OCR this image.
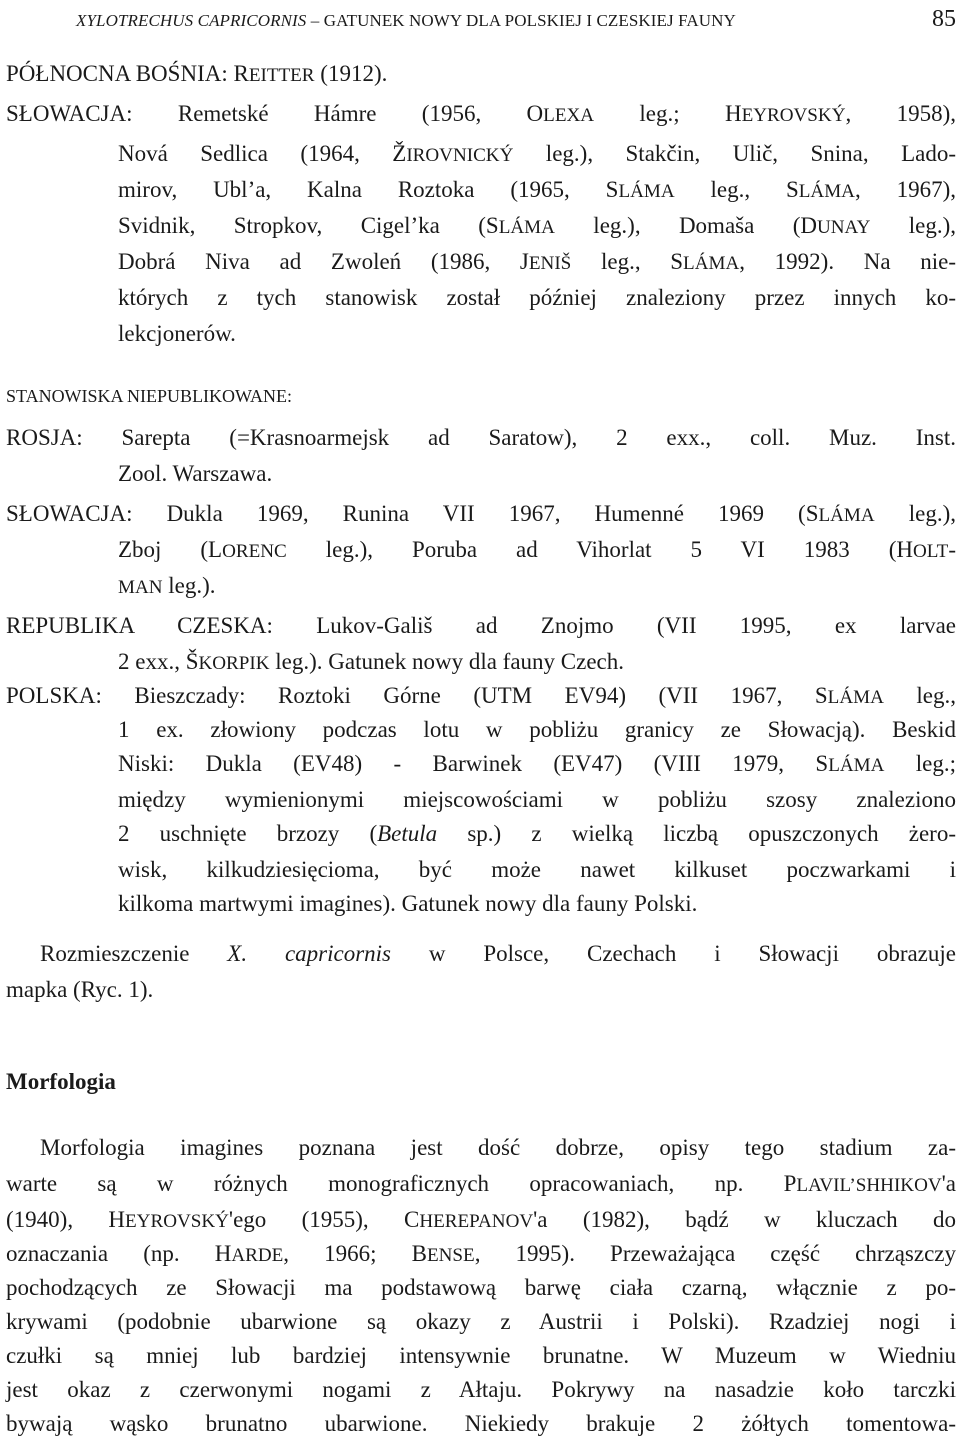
XYLOTRECHUS CAPRICORNIS – GATUNEK NOWY DLA POLSKIEJ I CZESKIEJ FAUNY	85
PÓŁNOCNA BOŚNIA: REITTER (1912).
SŁOWACJA: Remetské Hámre (1956, OLEXA leg.; HEYROVSKÝ, 1958),
Nová Sedlica (1964, ŽIROVNICKÝ leg.), Stakčin, Ulič, Snina, Lado-
mirov, Ubl’a, Kalna Roztoka (1965, SLÁMA leg., SLÁMA, 1967),
Svidnik, Stropkov, Cigel’ka (SLÁMA leg.), Domaša (DUNAY leg.),
Dobrá Niva ad Zwoleń (1986, JENIŠ leg., SLÁMA, 1992). Na nie-
których z tych stanowisk został później znaleziony przez innych ko-
lekcjonerów.
STANOWISKA NIEPUBLIKOWANE:
ROSJA: Sarepta (=Krasnoarmejsk ad Saratow), 2 exx., coll. Muz. Inst.
Zool. Warszawa.
SŁOWACJA: Dukla 1969, Runina VII 1967, Humenné 1969 (SLÁMA leg.),
Zboj (LORENC leg.), Poruba ad Vihorlat 5 VI 1983 (HOLT-
MAN leg.).
REPUBLIKA CZESKA: Lukov-Gališ ad Znojmo (VII 1995, ex larvae
2 exx., ŠKORPIK leg.). Gatunek nowy dla fauny Czech.
POLSKA: Bieszczady: Roztoki Górne (UTM EV94) (VII 1967, SLÁMA leg.,
1 ex. złowiony podczas lotu w pobliżu granicy ze Słowacją). Beskid
Niski: Dukla (EV48) - Barwinek (EV47) (VIII 1979, SLÁMA leg.;
między wymienionymi miejscowościami w pobliżu szosy znaleziono
2 uschnięte brzozy (Betula sp.) z wielką liczbą opuszczonych żero-
wisk, kilkudziesięcioma, być może nawet kilkuset poczwarkami i
kilkoma martwymi imagines). Gatunek nowy dla fauny Polski.
Rozmieszczenie X. capricornis w Polsce, Czechach i Słowacji obrazuje
mapka (Ryc. 1).
Morfologia
Morfologia imagines poznana jest dość dobrze, opisy tego stadium za-
warte są w różnych monograficznych opracowaniach, np. PLAVIL’SHHIKOV'a
(1940), HEYROVSKÝ'ego (1955), CHEREPANOV'a (1982), bądź w kluczach do
oznaczania (np. HARDE, 1966; BENSE, 1995). Przeważająca część chrząszczy
pochodzących ze Słowacji ma podstawową barwę ciała czarną, włącznie z po-
krywami (podobnie ubarwione są okazy z Austrii i Polski). Rzadziej nogi i
czułki są mniej lub bardziej intensywnie brunatne. W Muzeum w Wiedniu
jest okaz z czerwonymi nogami z Ałtaju. Pokrywy na nasadzie koło tarczki
bywają wąsko brunatno ubarwione. Niekiedy brakuje 2 żółtych tomentowa-
